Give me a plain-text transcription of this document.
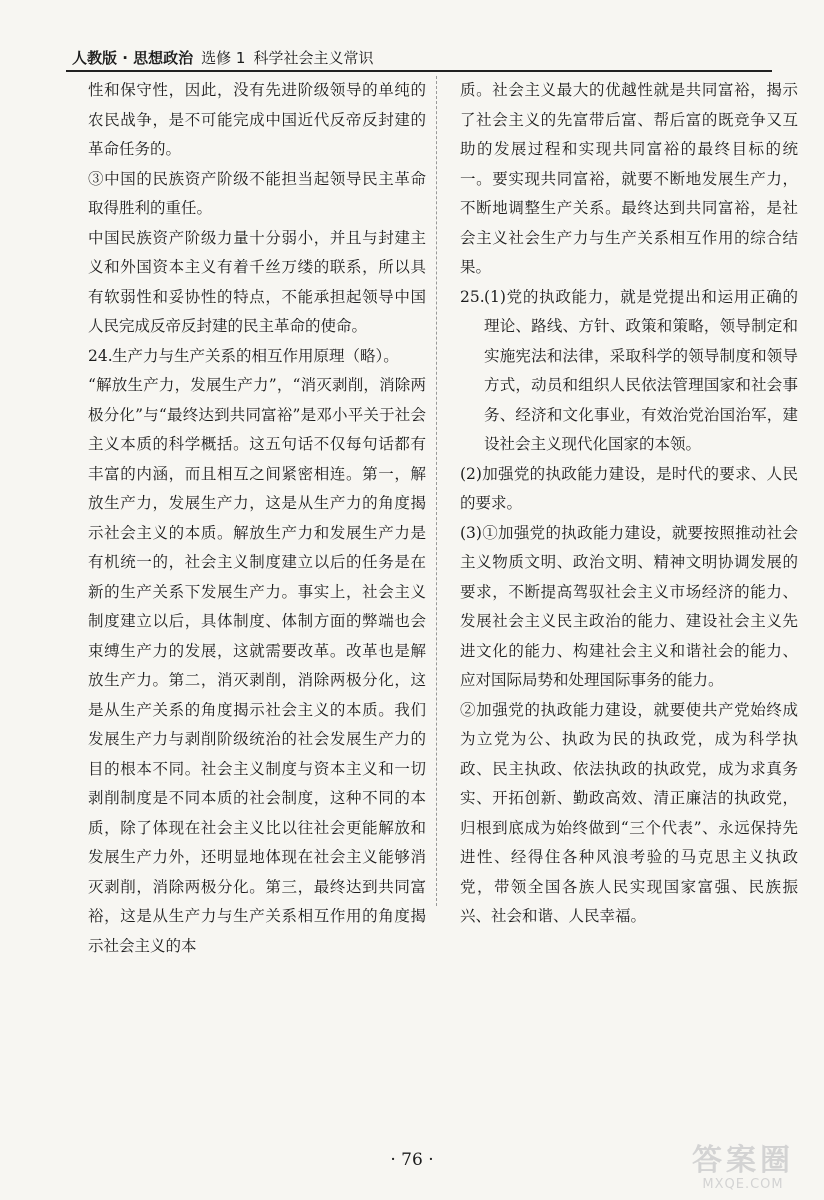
人教版 · 思想政治 选修 1 科学社会主义常识

性和保守性，因此，没有先进阶级领导的单纯的农民战争，是不可能完成中国近代反帝反封建的革命任务的。

③中国的民族资产阶级不能担当起领导民主革命取得胜利的重任。

中国民族资产阶级力量十分弱小，并且与封建主义和外国资本主义有着千丝万缕的联系，所以具有软弱性和妥协性的特点，不能承担起领导中国人民完成反帝反封建的民主革命的使命。

24.生产力与生产关系的相互作用原理（略）。

“解放生产力，发展生产力”，“消灭剥削，消除两极分化”与“最终达到共同富裕”是邓小平关于社会主义本质的科学概括。这五句话不仅每句话都有丰富的内涵，而且相互之间紧密相连。第一，解放生产力，发展生产力，这是从生产力的角度揭示社会主义的本质。解放生产力和发展生产力是有机统一的，社会主义制度建立以后的任务是在新的生产关系下发展生产力。事实上，社会主义制度建立以后，具体制度、体制方面的弊端也会束缚生产力的发展，这就需要改革。改革也是解放生产力。第二，消灭剥削，消除两极分化，这是从生产关系的角度揭示社会主义的本质。我们发展生产力与剥削阶级统治的社会发展生产力的目的根本不同。社会主义制度与资本主义和一切剥削制度是不同本质的社会制度，这种不同的本质，除了体现在社会主义比以往社会更能解放和发展生产力外，还明显地体现在社会主义能够消灭剥削，消除两极分化。第三，最终达到共同富裕，这是从生产力与生产关系相互作用的角度揭示社会主义的本

质。社会主义最大的优越性就是共同富裕，揭示了社会主义的先富带后富、帮后富的既竞争又互助的发展过程和实现共同富裕的最终目标的统一。要实现共同富裕，就要不断地发展生产力，不断地调整生产关系。最终达到共同富裕，是社会主义社会生产力与生产关系相互作用的综合结果。

25.(1)党的执政能力，就是党提出和运用正确的理论、路线、方针、政策和策略，领导制定和实施宪法和法律，采取科学的领导制度和领导方式，动员和组织人民依法管理国家和社会事务、经济和文化事业，有效治党治国治军，建设社会主义现代化国家的本领。

(2)加强党的执政能力建设，是时代的要求、人民的要求。

(3)①加强党的执政能力建设，就要按照推动社会主义物质文明、政治文明、精神文明协调发展的要求，不断提高驾驭社会主义市场经济的能力、发展社会主义民主政治的能力、建设社会主义先进文化的能力、构建社会主义和谐社会的能力、应对国际局势和处理国际事务的能力。

②加强党的执政能力建设，就要使共产党始终成为立党为公、执政为民的执政党，成为科学执政、民主执政、依法执政的执政党，成为求真务实、开拓创新、勤政高效、清正廉洁的执政党，归根到底成为始终做到“三个代表”、永远保持先进性、经得住各种风浪考验的马克思主义执政党，带领全国各族人民实现国家富强、民族振兴、社会和谐、人民幸福。

· 76 ·	答案圈
MXQE.COM
